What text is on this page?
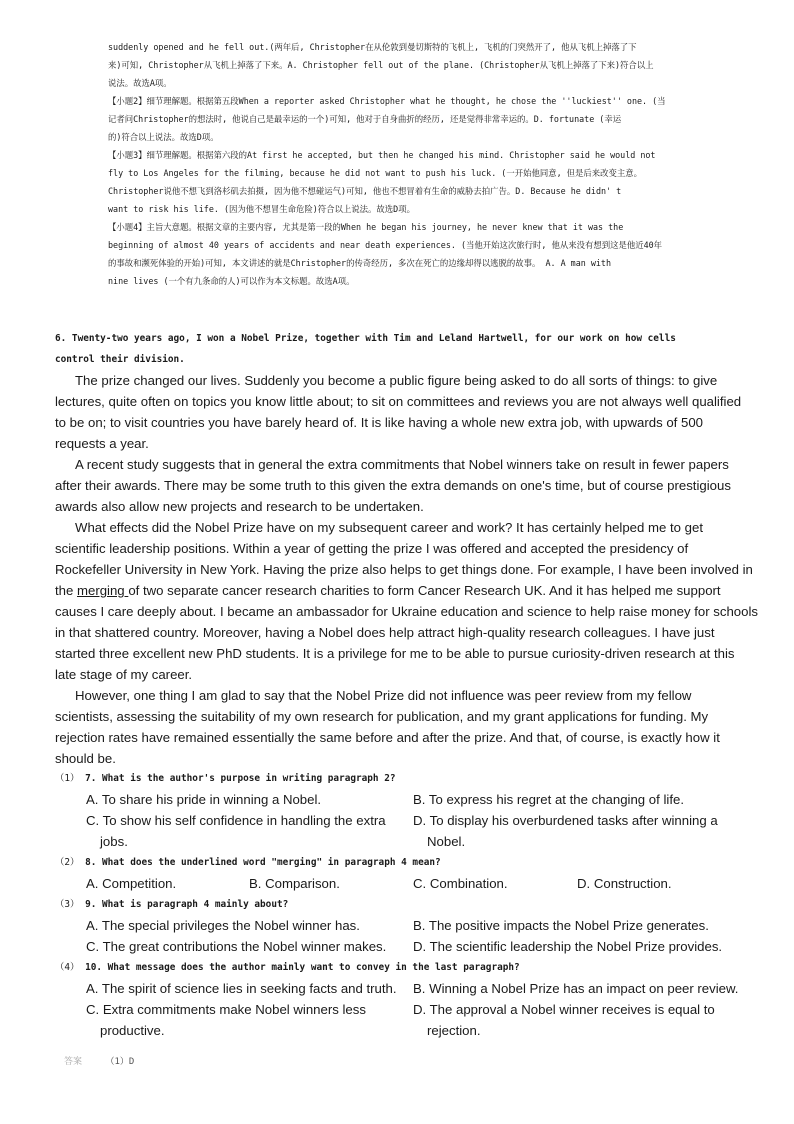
suddenly opened and he fell out.(两年后, Christopher在从伦敦到曼切斯特的飞机上, 飞机的门突然开了, 他从飞机上掉落了下

来)可知, Christopher从飞机上掉落了下来。A. Christopher fell out of the plane. (Christopher从飞机上掉落了下来)符合以上

说法。故选A项。

【小题2】细节理解题。根据第五段When a reporter asked Christopher what he thought, he chose the ''luckiest'' one. (当

记者问Christopher的想法时, 他说自己是最幸运的一个)可知, 他对于自身曲折的经历, 还是觉得非常幸运的。D. fortunate (幸运

的)符合以上说法。故选D项。

【小题3】细节理解题。根据第六段的At first he accepted, but then he changed his mind. Christopher said he would not

fly to Los Angeles for the filming, because he did not want to push his luck. (一开始他同意, 但是后来改变主意。

Christopher说他不想飞到洛杉矶去拍摄, 因为他不想碰运气)可知, 他也不想冒着有生命的威胁去拍广告。D. Because he didn' t

want to risk his life. (因为他不想冒生命危险)符合以上说法。故选D项。

【小题4】主旨大意题。根据文章的主要内容, 尤其是第一段的When he began his journey, he never knew that it was the

beginning of almost 40 years of accidents and near death experiences. (当他开始这次旅行时, 他从来没有想到这是他近40年

的事故和濒死体验的开始)可知, 本文讲述的就是Christopher的传奇经历, 多次在死亡的边缘却得以逃脱的故事。 A. A man with

nine lives (一个有九条命的人)可以作为本文标题。故选A项。

6. Twenty-two years ago, I won a Nobel Prize, together with Tim and Leland Hartwell, for our work on how cells

control their division.

The prize changed our lives. Suddenly you become a public figure being asked to do all sorts of things: to give

lectures, quite often on topics you know little about; to sit on committees and reviews you are not always well qualified

to be on; to visit countries you have barely heard of. It is like having a whole new extra job, with upwards of 500

requests a year.

A recent study suggests that in general the extra commitments that Nobel winners take on result in fewer papers

after their awards. There may be some truth to this given the extra demands on one's time, but of course prestigious

awards also allow new projects and research to be undertaken.

What effects did the Nobel Prize have on my subsequent career and work? It has certainly helped me to get

scientific leadership positions. Within a year of getting the prize I was offered and accepted the presidency of

Rockefeller University in New York. Having the prize also helps to get things done. For example, I have been involved in

the merging of two separate cancer research charities to form Cancer Research UK. And it has helped me support

causes I care deeply about. I became an ambassador for Ukraine education and science to help raise money for schools

in that shattered country. Moreover, having a Nobel does help attract high-quality research colleagues. I have just

started three excellent new PhD students. It is a privilege for me to be able to pursue curiosity-driven research at this

late stage of my career.

However, one thing I am glad to say that the Nobel Prize did not influence was peer review from my fellow

scientists, assessing the suitability of my own research for publication, and my grant applications for funding. My

rejection rates have remained essentially the same before and after the prize. And that, of course, is exactly how it

should be.

（1） 7. What is the author's purpose in writing paragraph 2?
A. To share his pride in winning a Nobel.	B. To express his regret at the changing of life.
C. To show his self confidence in handling the extra jobs.
D. To display his overburdened tasks after winning a Nobel.
（2） 8. What does the underlined word "merging" in paragraph 4 mean?
A. Competition.	B. Comparison.	C. Combination.	D. Construction.
（3） 9. What is paragraph 4 mainly about?
A. The special privileges the Nobel winner has.	B. The positive impacts the Nobel Prize generates.
C. The great contributions the Nobel winner makes. D. The scientific leadership the Nobel Prize provides.
（4） 10. What message does the author mainly want to convey in the last paragraph?
A. The spirit of science lies in seeking facts and truth. B. Winning a Nobel Prize has an impact on peer review.
C. Extra commitments make Nobel winners less productive.
D. The approval a Nobel winner receives is equal to rejection.
答案	（1）D
